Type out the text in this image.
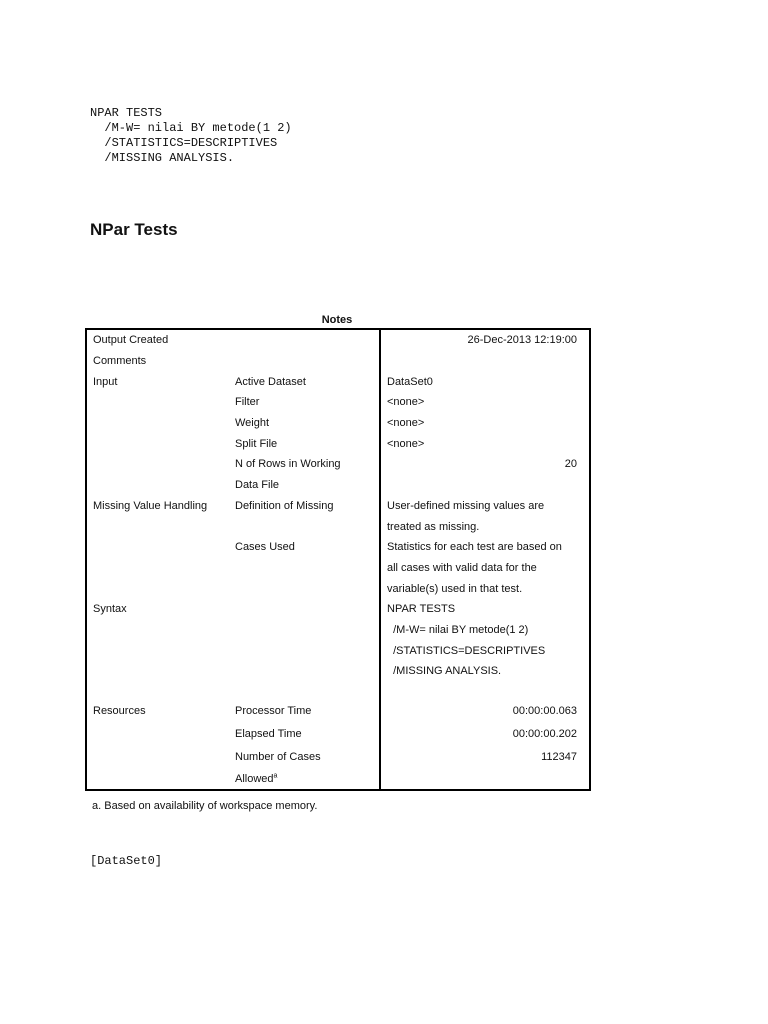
NPAR TESTS
/M-W= nilai BY metode(1 2)
/STATISTICS=DESCRIPTIVES
/MISSING ANALYSIS.
NPar Tests
Notes
Output Created		26-Dec-2013 12:19:00
Comments		
Input	Active Dataset	DataSet0
	Filter	<none>
	Weight	<none>
	Split File	<none>
	N of Rows in Working	20
	Data File	
Missing Value Handling	Definition of Missing	User-defined missing values are
		treated as missing.
	Cases Used	Statistics for each test are based on
		all cases with valid data for the
		variable(s) used in that test.
Syntax		NPAR TESTS
		/M-W= nilai BY metode(1 2)
		/STATISTICS=DESCRIPTIVES
		/MISSING ANALYSIS.

Resources	Processor Time	00:00:00.063
	Elapsed Time	00:00:00.202
	Number of Cases	112347
	Allowed$^a$	
a. Based on availability of workspace memory.
[DataSet0]
